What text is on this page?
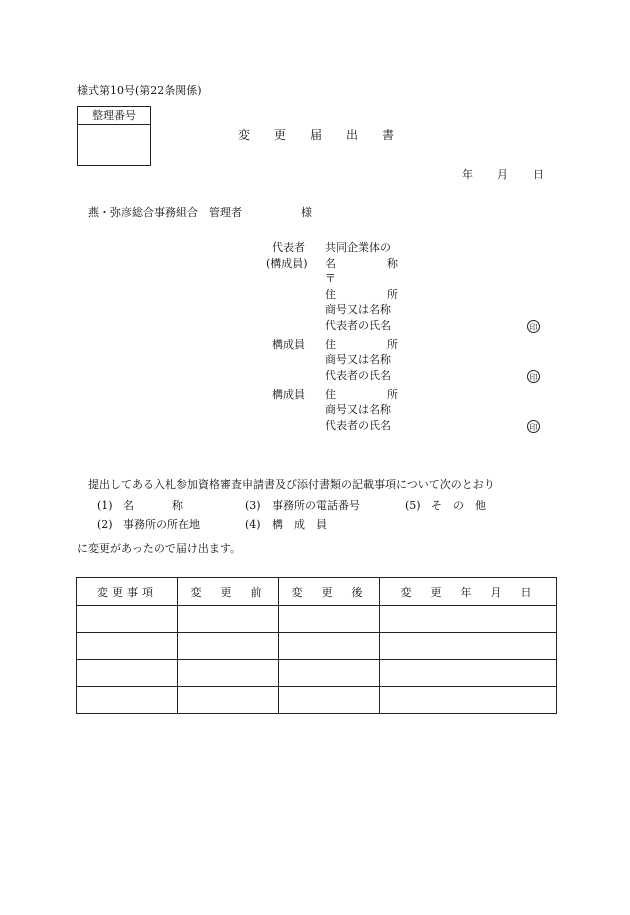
様式第10号(第22条関係)
整理番号
変　　更　　届　　出　　書
年 月 日
燕・弥彦総合事務組合　管理者	様
代表者
(構成員)
共同企業体の
名	称
〒
住	所
商号又は名称
代表者の氏名	印
構成員 住	所
商号又は名称
代表者の氏名	印
構成員 住	所
商号又は名称
代表者の氏名	印
提出してある入札参加資格審査申請書及び添付書類の記載事項について次のとおり
(1) 名	称	(3) 事務所の電話番号	(5) そ　の　他
(2) 事務所の所在地	(4) 構　成　員
に変更があったので届け出ます。
変更事項	変　更　前	変　更　後	変　更　年　月　日
